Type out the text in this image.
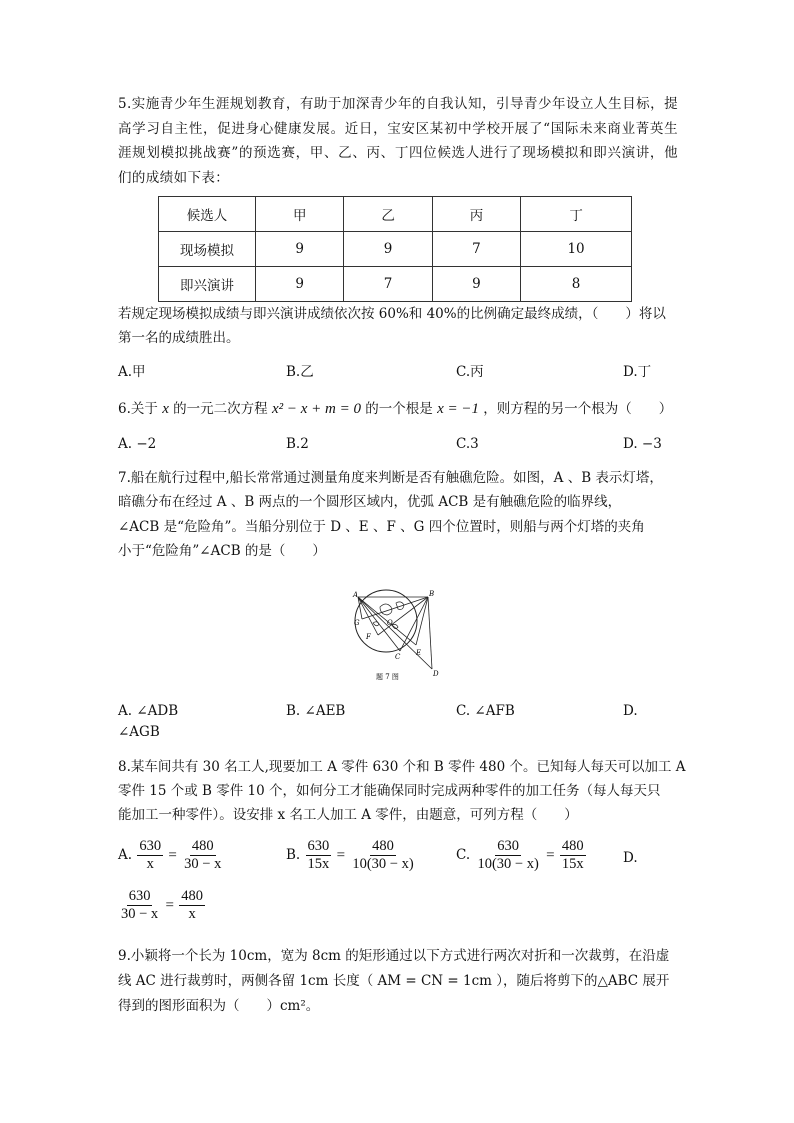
5.实施青少年生涯规划教育，有助于加深青少年的自我认知，引导青少年设立人生目标，提高学习自主性，促进身心健康发展。近日，宝安区某初中学校开展了“国际未来商业菁英生涯规划模拟挑战赛”的预选赛，甲、乙、丙、丁四位候选人进行了现场模拟和即兴演讲，他们的成绩如下表：
候选人	甲	乙	丙	丁
现场模拟	9	9	7	10
即兴演讲	9	7	9	8
若规定现场模拟成绩与即兴演讲成绩依次按 60%和 40%的比例确定最终成绩，（　　）将以
第一名的成绩胜出。
A.甲	B.乙	C.丙	D.丁
6.关于 x 的一元二次方程 x² − x + m = 0 的一个根是 x = −1 ，则方程的另一个根为（　　）
A. −2	B.2	C.3	D. −3
7.船在航行过程中,船长常常通过测量角度来判断是否有触礁危险。如图，A 、B 表示灯塔，
暗礁分布在经过 A 、B 两点的一个圆形区域内，优弧 ACB 是有触礁危险的临界线，
∠ACB 是“危险角”。当船分别位于 D 、E 、F 、G 四个位置时，则船与两个灯塔的夹角
小于“危险角”∠ACB 的是（　　）
A	B
G
F
O
C E
D
题 7 图
A. ∠ADB	B. ∠AEB	C. ∠AFB	D.
∠AGB
8.某车间共有 30 名工人,现要加工 A 零件 630 个和 B 零件 480 个。已知每人每天可以加工 A
零件 15 个或 B 零件 10 个，如何分工才能确保同时完成两种零件的加工任务（每人每天只
能加工一种零件）。设安排 x 名工人加工 A 零件，由题意，可列方程（　　）
A. $\frac{630}{x} = \frac{480}{30 - x}$	B. $\frac{630}{15x} = \frac{480}{10(30 - x)}$	C. $\frac{630}{10(30 - x)} = \frac{480}{15x}$	D.
$\frac{630}{30 - x} = \frac{480}{x}$
9.小颖将一个长为 10cm，宽为 8cm 的矩形通过以下方式进行两次对折和一次裁剪，在沿虚
线 AC 进行裁剪时，两侧各留 1cm 长度（ AM = CN = 1cm ），随后将剪下的△ABC 展开
得到的图形面积为（　　）cm²。
